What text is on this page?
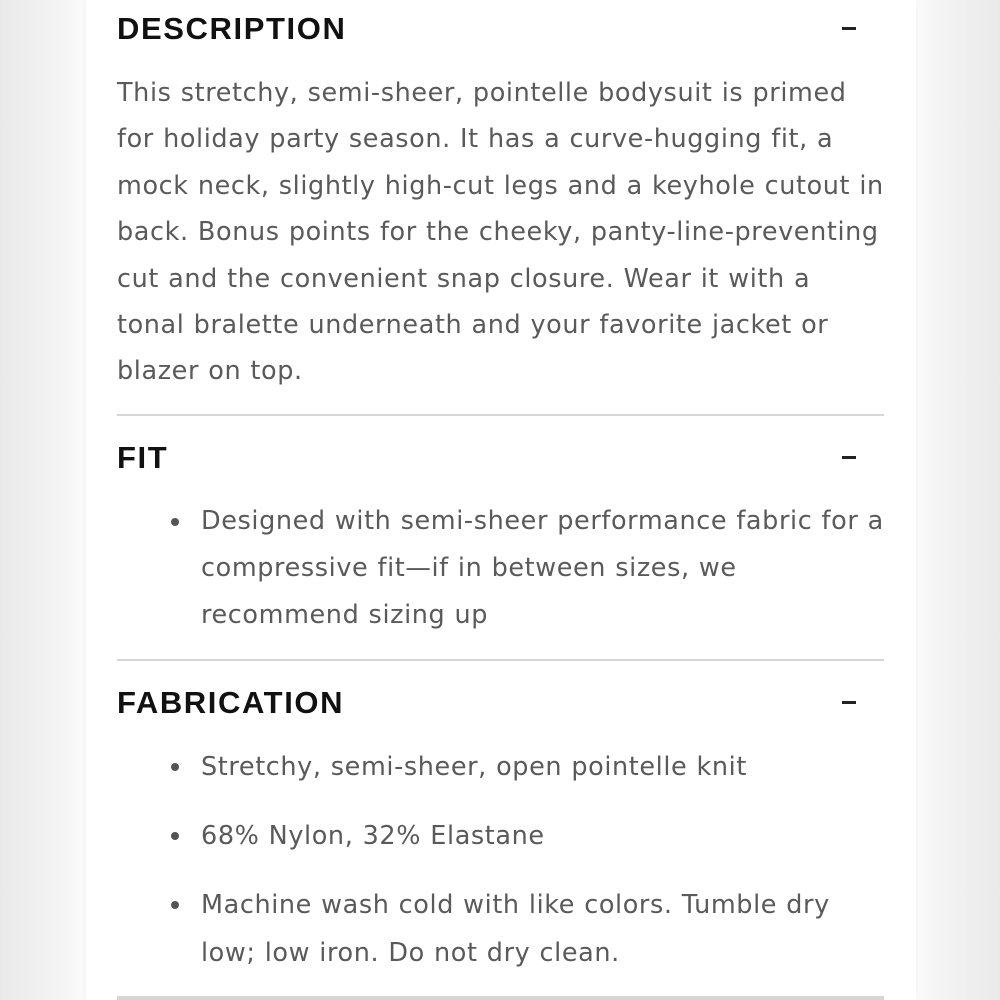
DESCRIPTION
This stretchy, semi-sheer, pointelle bodysuit is primed for holiday party season. It has a curve-hugging fit, a mock neck, slightly high-cut legs and a keyhole cutout in back. Bonus points for the cheeky, panty-line-preventing cut and the convenient snap closure. Wear it with a tonal bralette underneath and your favorite jacket or blazer on top.
FIT
Designed with semi-sheer performance fabric for a compressive fit—if in between sizes, we recommend sizing up
FABRICATION
Stretchy, semi-sheer, open pointelle knit
68% Nylon, 32% Elastane
Machine wash cold with like colors. Tumble dry low; low iron. Do not dry clean.
